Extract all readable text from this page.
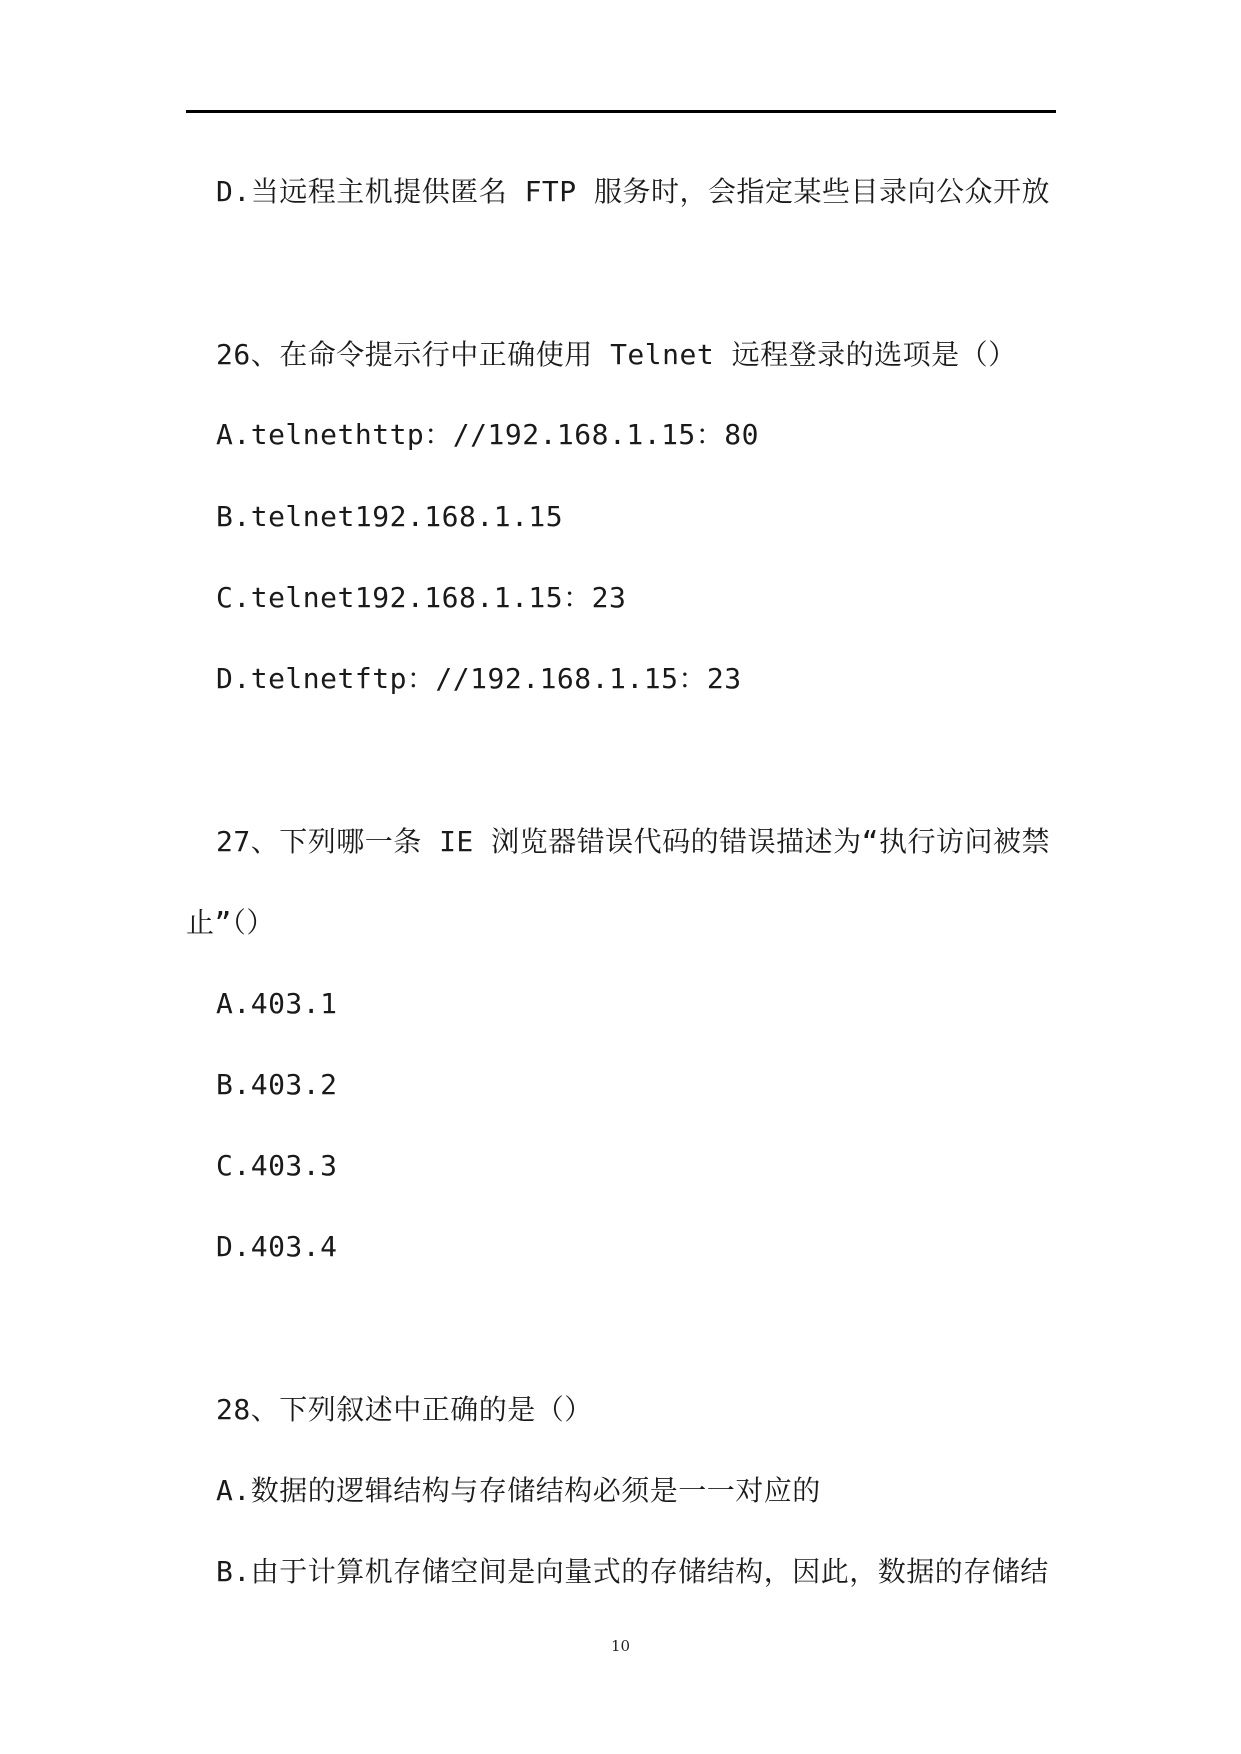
D.当远程主机提供匿名 FTP 服务时，会指定某些目录向公众开放
26、在命令提示行中正确使用 Telnet 远程登录的选项是（）
A.telnethttp：//192.168.1.15：80
B.telnet192.168.1.15
C.telnet192.168.1.15：23
D.telnetftp：//192.168.1.15：23
27、下列哪一条 IE 浏览器错误代码的错误描述为“执行访问被禁
止”（）
A.403.1
B.403.2
C.403.3
D.403.4
28、下列叙述中正确的是（）
A.数据的逻辑结构与存储结构必须是一一对应的
B.由于计算机存储空间是向量式的存储结构，因此，数据的存储结
10
